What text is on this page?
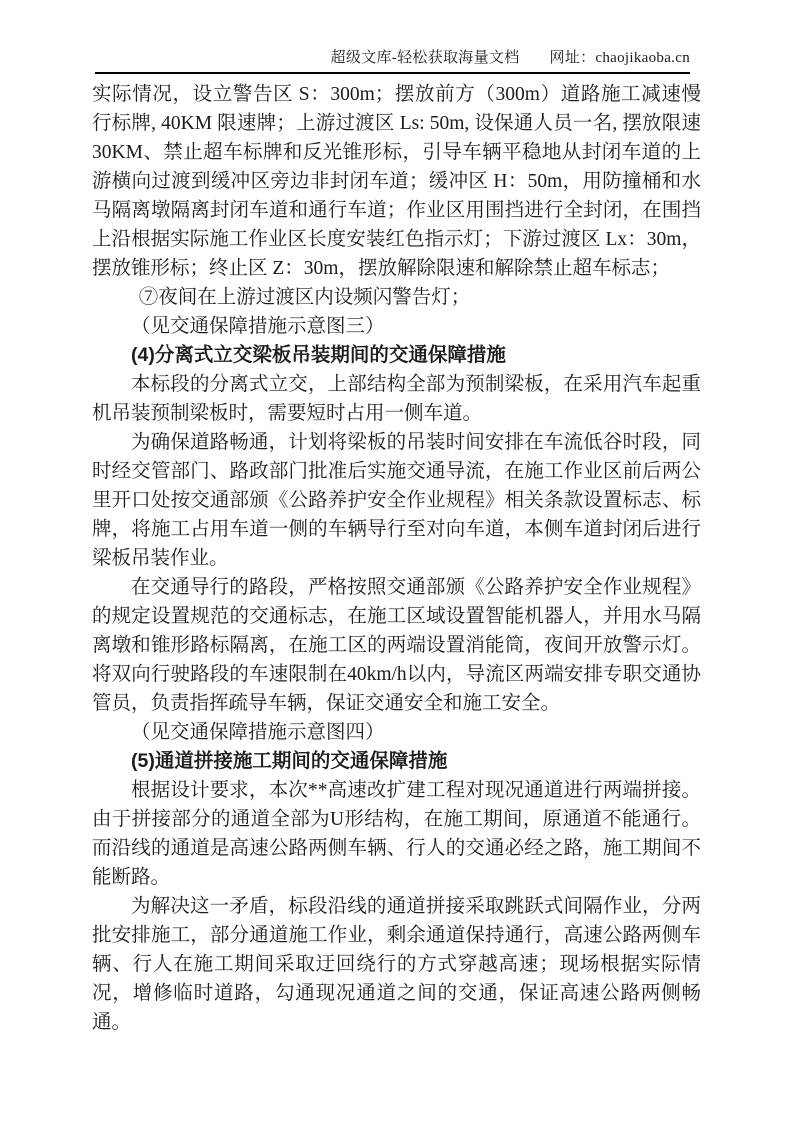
超级文库-轻松获取海量文档 网址：chaojikaoba.cn

实际情况，设立警告区 S：300m；摆放前方（300m）道路施工减速慢行标牌, 40KM 限速牌；上游过渡区 Ls: 50m, 设保通人员一名, 摆放限速 30KM、禁止超车标牌和反光锥形标，引导车辆平稳地从封闭车道的上游横向过渡到缓冲区旁边非封闭车道；缓冲区 H：50m，用防撞桶和水马隔离墩隔离封闭车道和通行车道；作业区用围挡进行全封闭，在围挡上沿根据实际施工作业区长度安装红色指示灯；下游过渡区 Lx：30m，摆放锥形标；终止区 Z：30m，摆放解除限速和解除禁止超车标志；

⑦夜间在上游过渡区内设频闪警告灯；

（见交通保障措施示意图三）

(4)分离式立交梁板吊装期间的交通保障措施

本标段的分离式立交，上部结构全部为预制梁板，在采用汽车起重机吊装预制梁板时，需要短时占用一侧车道。

为确保道路畅通，计划将梁板的吊装时间安排在车流低谷时段，同时经交管部门、路政部门批准后实施交通导流，在施工作业区前后两公里开口处按交通部颁《公路养护安全作业规程》相关条款设置标志、标牌，将施工占用车道一侧的车辆导行至对向车道，本侧车道封闭后进行梁板吊装作业。

在交通导行的路段，严格按照交通部颁《公路养护安全作业规程》的规定设置规范的交通标志，在施工区域设置智能机器人，并用水马隔离墩和锥形路标隔离，在施工区的两端设置消能筒，夜间开放警示灯。将双向行驶路段的车速限制在40km/h以内，导流区两端安排专职交通协管员，负责指挥疏导车辆，保证交通安全和施工安全。

（见交通保障措施示意图四）

(5)通道拼接施工期间的交通保障措施

根据设计要求，本次**高速改扩建工程对现况通道进行两端拼接。由于拼接部分的通道全部为U形结构，在施工期间，原通道不能通行。而沿线的通道是高速公路两侧车辆、行人的交通必经之路，施工期间不能断路。

为解决这一矛盾，标段沿线的通道拼接采取跳跃式间隔作业，分两批安排施工，部分通道施工作业，剩余通道保持通行，高速公路两侧车辆、行人在施工期间采取迂回绕行的方式穿越高速；现场根据实际情况，增修临时道路，勾通现况通道之间的交通，保证高速公路两侧畅通。
